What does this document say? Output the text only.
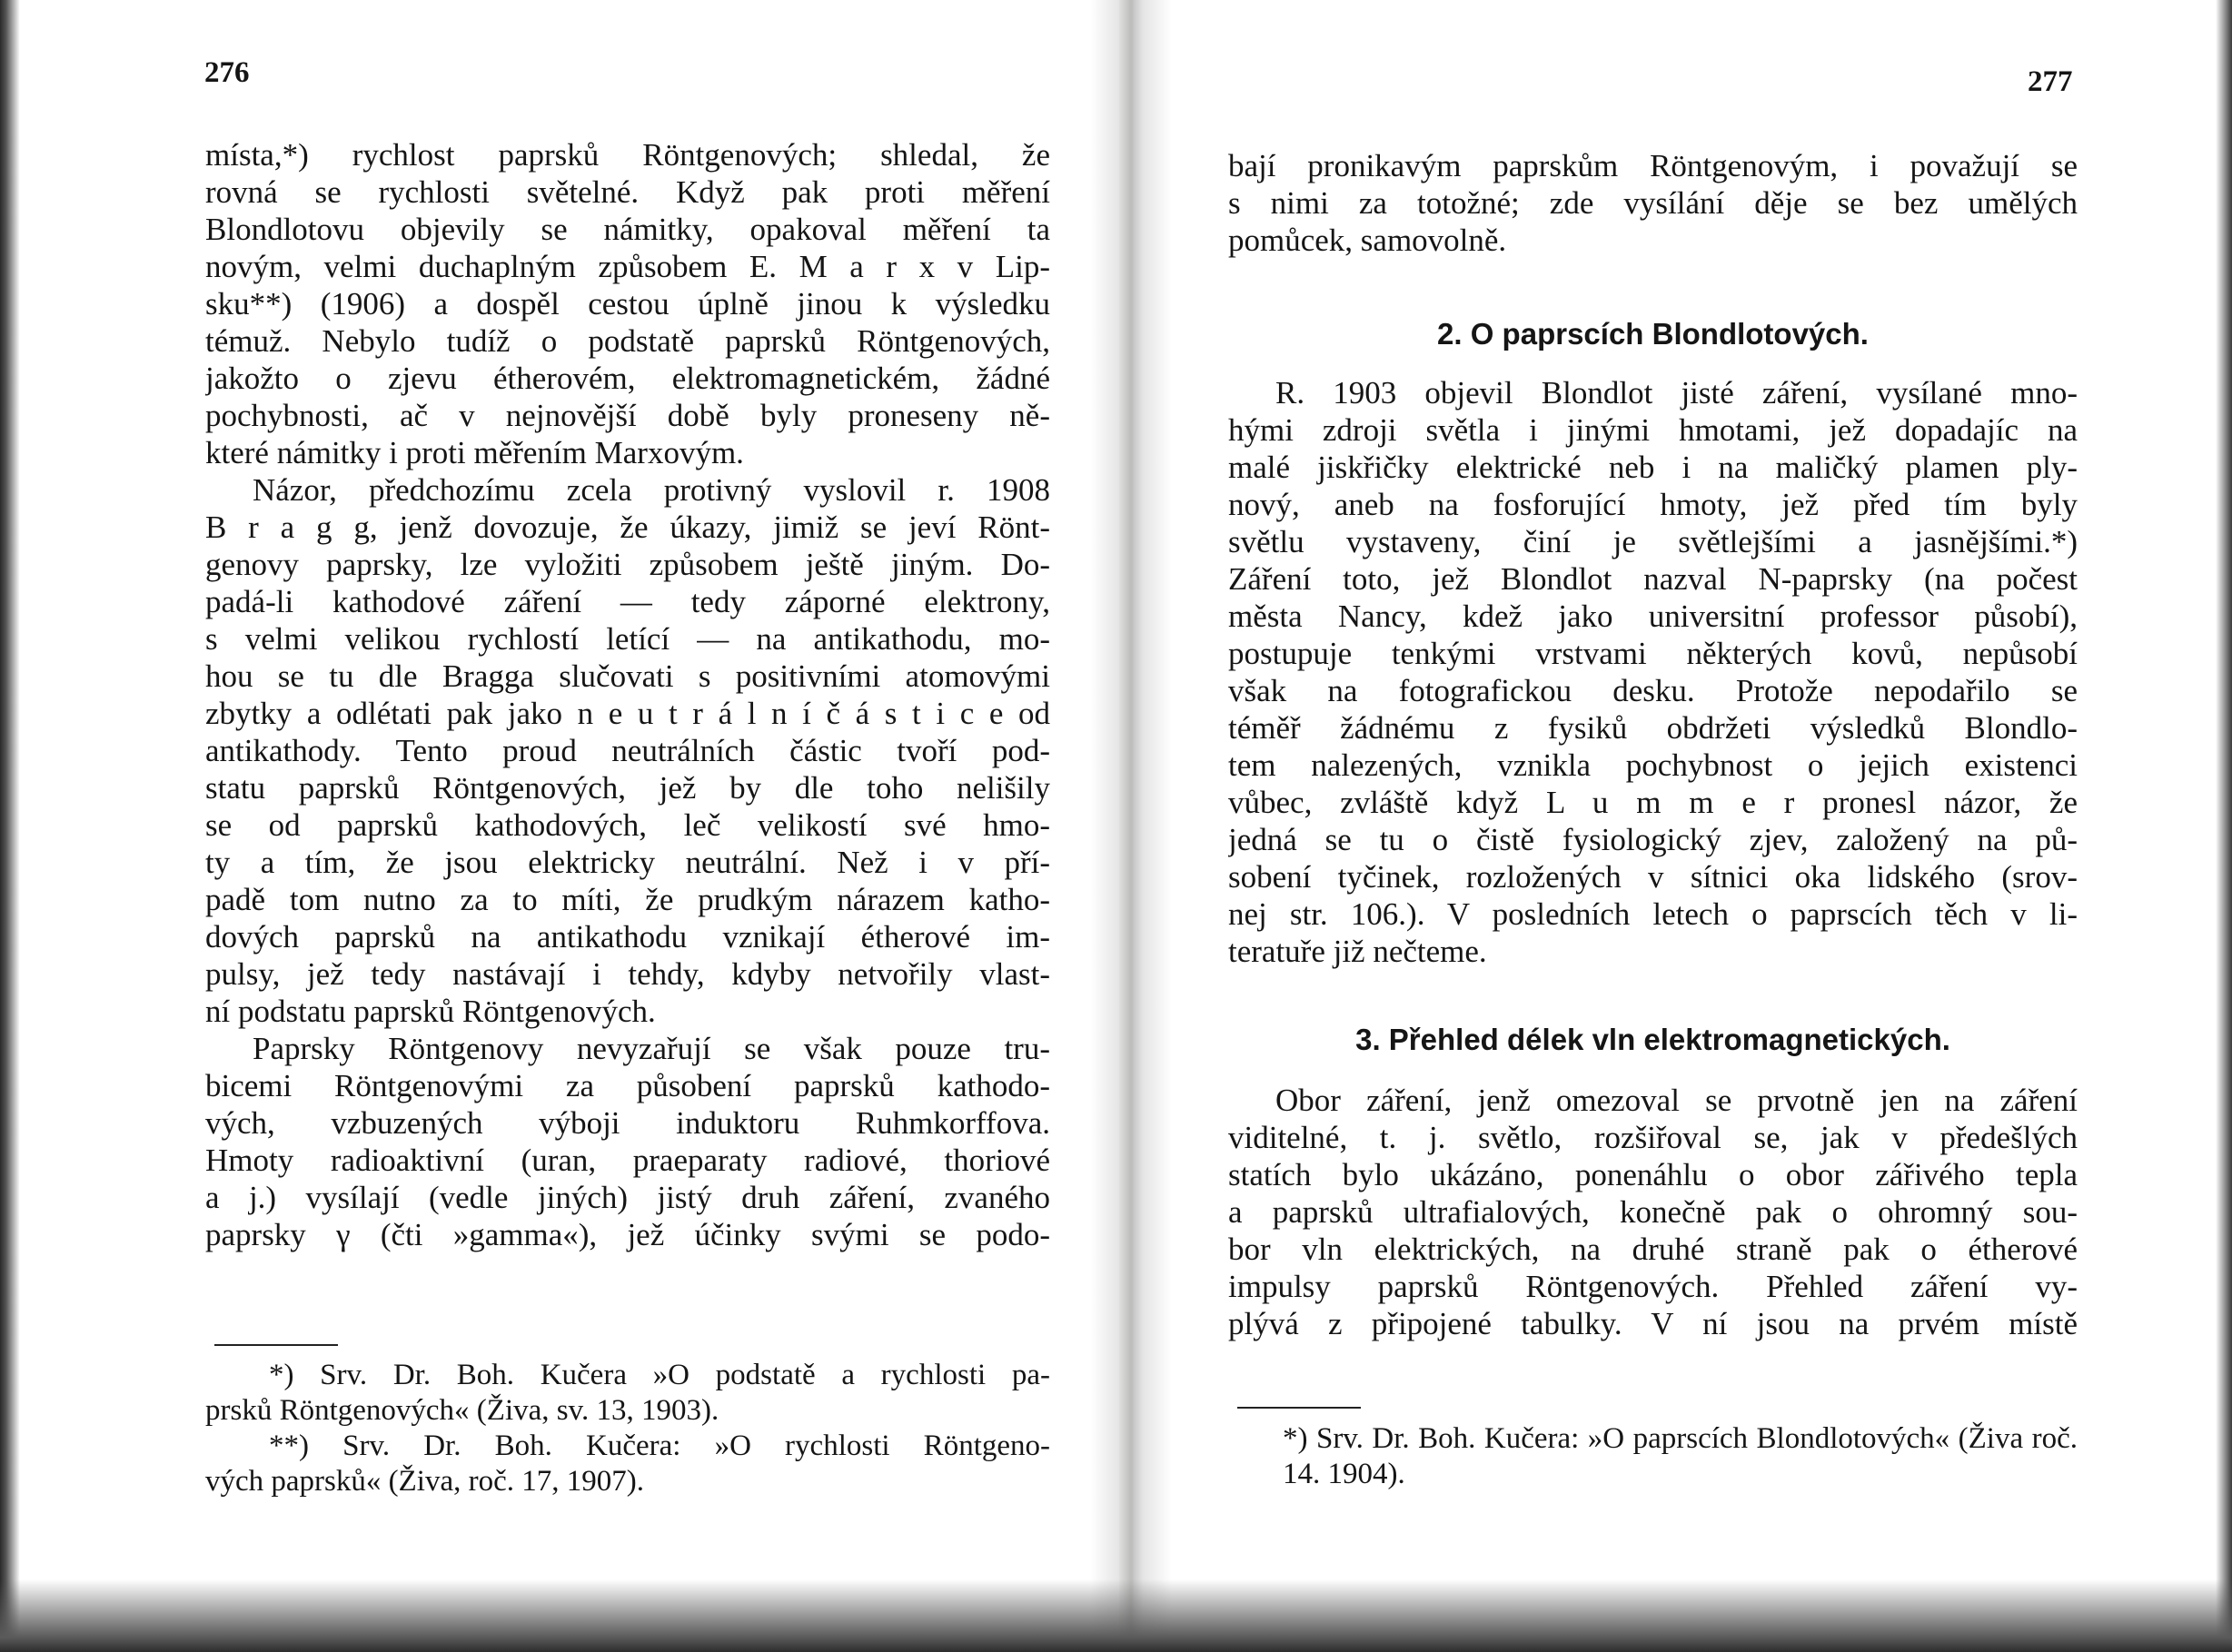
276
místa,*) rychlost paprsků Röntgenových; shledal, že
rovná se rychlosti světelné. Když pak proti měření
Blondlotovu objevily se námitky, opakoval měření ta
novým, velmi duchaplným způsobem E. M a r x v Lip-
sku**) (1906) a dospěl cestou úplně jinou k výsledku
témuž. Nebylo tudíž o podstatě paprsků Röntgenových,
jakožto o zjevu étherovém, elektromagnetickém, žádné
pochybnosti, ač v nejnovější době byly proneseny ně-
které námitky i proti měřením Marxovým.
Názor, předchozímu zcela protivný vyslovil r. 1908
B r a g g, jenž dovozuje, že úkazy, jimiž se jeví Rönt-
genovy paprsky, lze vyložiti způsobem ještě jiným. Do-
padá-li kathodové záření — tedy záporné elektrony,
s velmi velikou rychlostí letící — na antikathodu, mo-
hou se tu dle Bragga slučovati s positivními atomovými
zbytky a odlétati pak jako n e u t r á l n í č á s t i c e od
antikathody. Tento proud neutrálních částic tvoří pod-
statu paprsků Röntgenových, jež by dle toho nelišily
se od paprsků kathodových, leč velikostí své hmo-
ty a tím, že jsou elektricky neutrální. Než i v pří-
padě tom nutno za to míti, že prudkým nárazem katho-
dových paprsků na antikathodu vznikají étherové im-
pulsy, jež tedy nastávají i tehdy, kdyby netvořily vlast-
ní podstatu paprsků Röntgenových.
Paprsky Röntgenovy nevyzařují se však pouze tru-
bicemi Röntgenovými za působení paprsků kathodo-
vých, vzbuzených výboji induktoru Ruhmkorffova.
Hmoty radioaktivní (uran, praeparaty radiové, thoriové
a j.) vysílají (vedle jiných) jistý druh záření, zvaného
paprsky γ (čti »gamma«), jež účinky svými se podo-
*) Srv. Dr. Boh. Kučera »O podstatě a rychlosti pa-
prsků Röntgenových« (Živa, sv. 13, 1903).
**) Srv. Dr. Boh. Kučera: »O rychlosti Röntgeno-
vých paprsků« (Živa, roč. 17, 1907).
277
bají pronikavým paprskům Röntgenovým, i považují se
s nimi za totožné; zde vysílání děje se bez umělých
pomůcek, samovolně.
2. O paprscích Blondlotových.
R. 1903 objevil Blondlot jisté záření, vysílané mno-
hými zdroji světla i jinými hmotami, jež dopadajíc na
malé jiskřičky elektrické neb i na maličký plamen ply-
nový, aneb na fosforující hmoty, jež před tím byly
světlu vystaveny, činí je světlejšími a jasnějšími.*)
Záření toto, jež Blondlot nazval N-paprsky (na počest
města Nancy, kdež jako universitní professor působí),
postupuje tenkými vrstvami některých kovů, nepůsobí
však na fotografickou desku. Protože nepodařilo se
téměř žádnému z fysiků obdržeti výsledků Blondlo-
tem nalezených, vznikla pochybnost o jejich existenci
vůbec, zvláště když L u m m e r pronesl názor, že
jedná se tu o čistě fysiologický zjev, založený na pů-
sobení tyčinek, rozložených v sítnici oka lidského (srov-
nej str. 106.). V posledních letech o paprscích těch v li-
teratuře již nečteme.
3. Přehled délek vln elektromagnetických.
Obor záření, jenž omezoval se prvotně jen na záření
viditelné, t. j. světlo, rozšiřoval se, jak v předešlých
statích bylo ukázáno, ponenáhlu o obor zářivého tepla
a paprsků ultrafialových, konečně pak o ohromný sou-
bor vln elektrických, na druhé straně pak o étherové
impulsy paprsků Röntgenových. Přehled záření vy-
plývá z připojené tabulky. V ní jsou na prvém místě
*) Srv. Dr. Boh. Kučera: »O paprscích Blondlotových« (Živa roč. 14. 1904).
